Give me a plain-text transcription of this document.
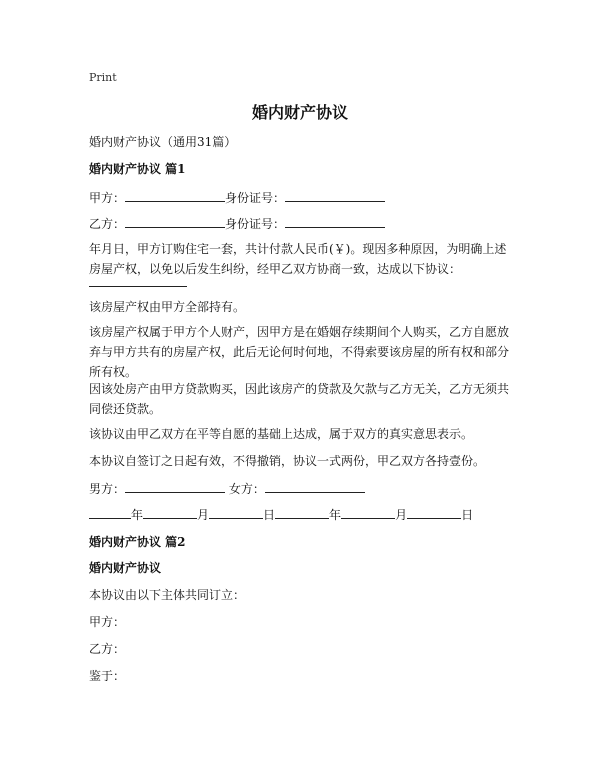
Print
婚内财产协议
婚内财产协议（通用31篇）
婚内财产协议 篇1
甲方：	身份证号：
乙方：	身份证号：
年月日，甲方订购住宅一套，共计付款人民币(￥)。现因多种原因，为明确上述房屋产权，以免以后发生纠纷，经甲乙双方协商一致，达成以下协议：
该房屋产权由甲方全部持有。
该房屋产权属于甲方个人财产，因甲方是在婚姻存续期间个人购买，乙方自愿放弃与甲方共有的房屋产权，此后无论何时何地，不得索要该房屋的所有权和部分所有权。
因该处房产由甲方贷款购买，因此该房产的贷款及欠款与乙方无关，乙方无须共同偿还贷款。
该协议由甲乙双方在平等自愿的基础上达成，属于双方的真实意思表示。
本协议自签订之日起有效，不得撤销，协议一式两份，甲乙双方各持壹份。
男方：	女方：
年	月	日	年	月	日
婚内财产协议 篇2
婚内财产协议
本协议由以下主体共同订立：
甲方：
乙方：
鉴于：
